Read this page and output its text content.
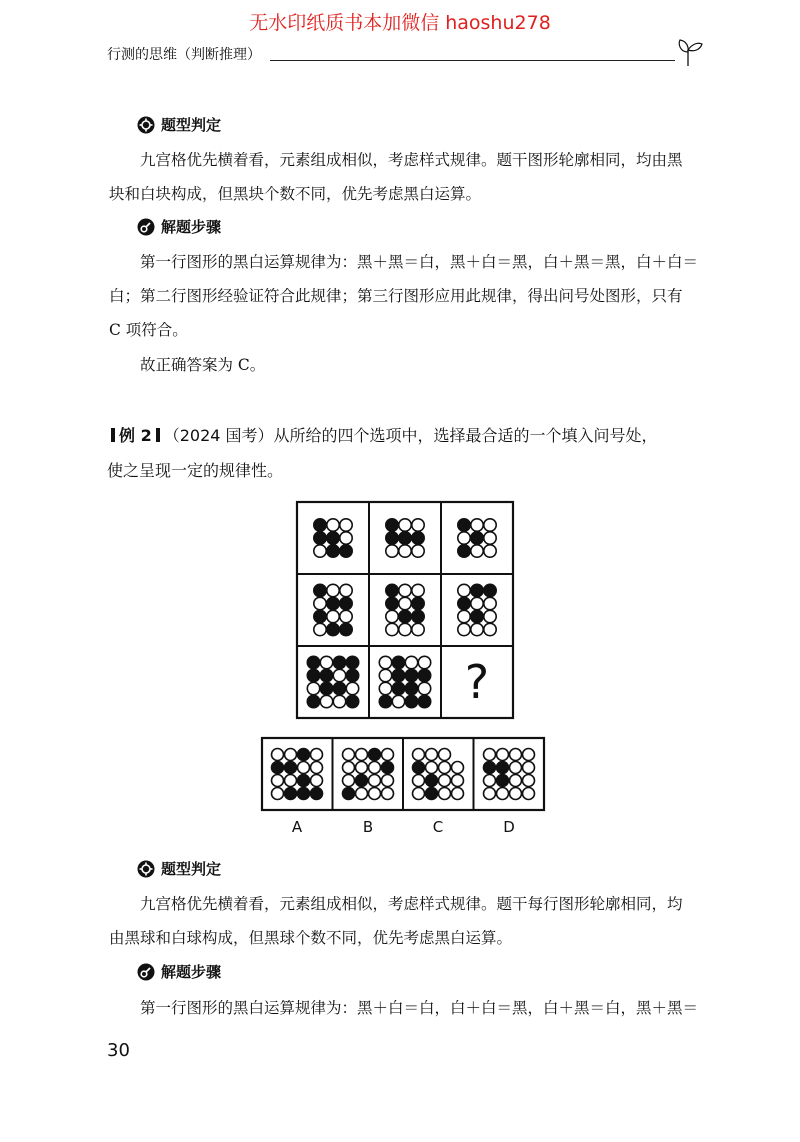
无水印纸质书本加微信 haoshu278
行测的思维（判断推理）
题型判定
九宫格优先横着看，元素组成相似，考虑样式规律。题干图形轮廓相同，均由黑
块和白块构成，但黑块个数不同，优先考虑黑白运算。
解题步骤
第一行图形的黑白运算规律为：黑＋黑＝白，黑＋白＝黑，白＋黑＝黑，白＋白＝
白；第二行图形经验证符合此规律；第三行图形应用此规律，得出问号处图形，只有
C 项符合。
故正确答案为 C。
例 2 （2024 国考）从所给的四个选项中，选择最合适的一个填入问号处，
使之呈现一定的规律性。
?
A	B	C	D
题型判定
九宫格优先横着看，元素组成相似，考虑样式规律。题干每行图形轮廓相同，均
由黑球和白球构成，但黑球个数不同，优先考虑黑白运算。
解题步骤
第一行图形的黑白运算规律为：黑＋白＝白，白＋白＝黑，白＋黑＝白，黑＋黑＝
30
